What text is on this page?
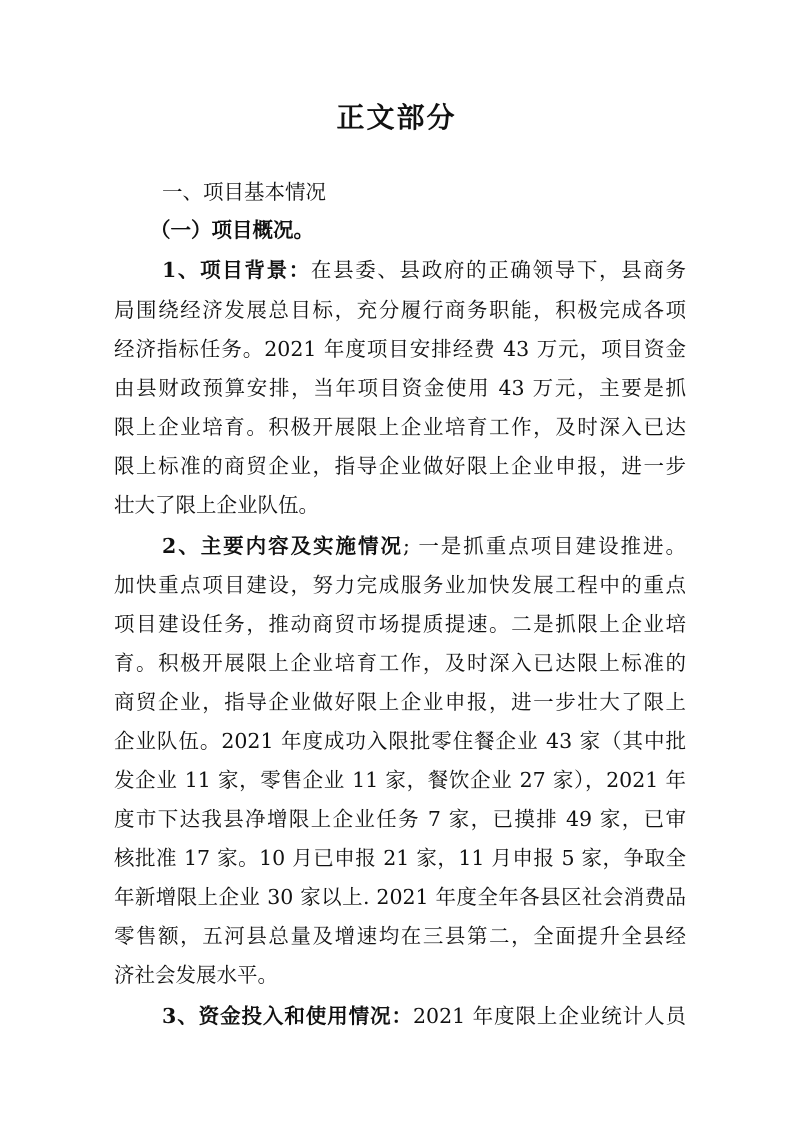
正文部分
一、项目基本情况
（一）项目概况。
1、项目背景：在县委、县政府的正确领导下，县商务
局围绕经济发展总目标，充分履行商务职能，积极完成各项
经济指标任务。2021 年度项目安排经费 43 万元，项目资金
由县财政预算安排，当年项目资金使用 43 万元，主要是抓
限上企业培育。积极开展限上企业培育工作，及时深入已达
限上标准的商贸企业，指导企业做好限上企业申报，进一步
壮大了限上企业队伍。
2、主要内容及实施情况; 一是抓重点项目建设推进。
加快重点项目建设，努力完成服务业加快发展工程中的重点
项目建设任务，推动商贸市场提质提速。二是抓限上企业培
育。积极开展限上企业培育工作，及时深入已达限上标准的
商贸企业，指导企业做好限上企业申报，进一步壮大了限上
企业队伍。2021 年度成功入限批零住餐企业 43 家（其中批
发企业 11 家，零售企业 11 家，餐饮企业 27 家），2021 年
度市下达我县净增限上企业任务 7 家，已摸排 49 家，已审
核批准 17 家。10 月已申报 21 家，11 月申报 5 家，争取全
年新增限上企业 30 家以上. 2021 年度全年各县区社会消费品
零售额，五河县总量及增速均在三县第二，全面提升全县经
济社会发展水平。
3、资金投入和使用情况：2021 年度限上企业统计人员
